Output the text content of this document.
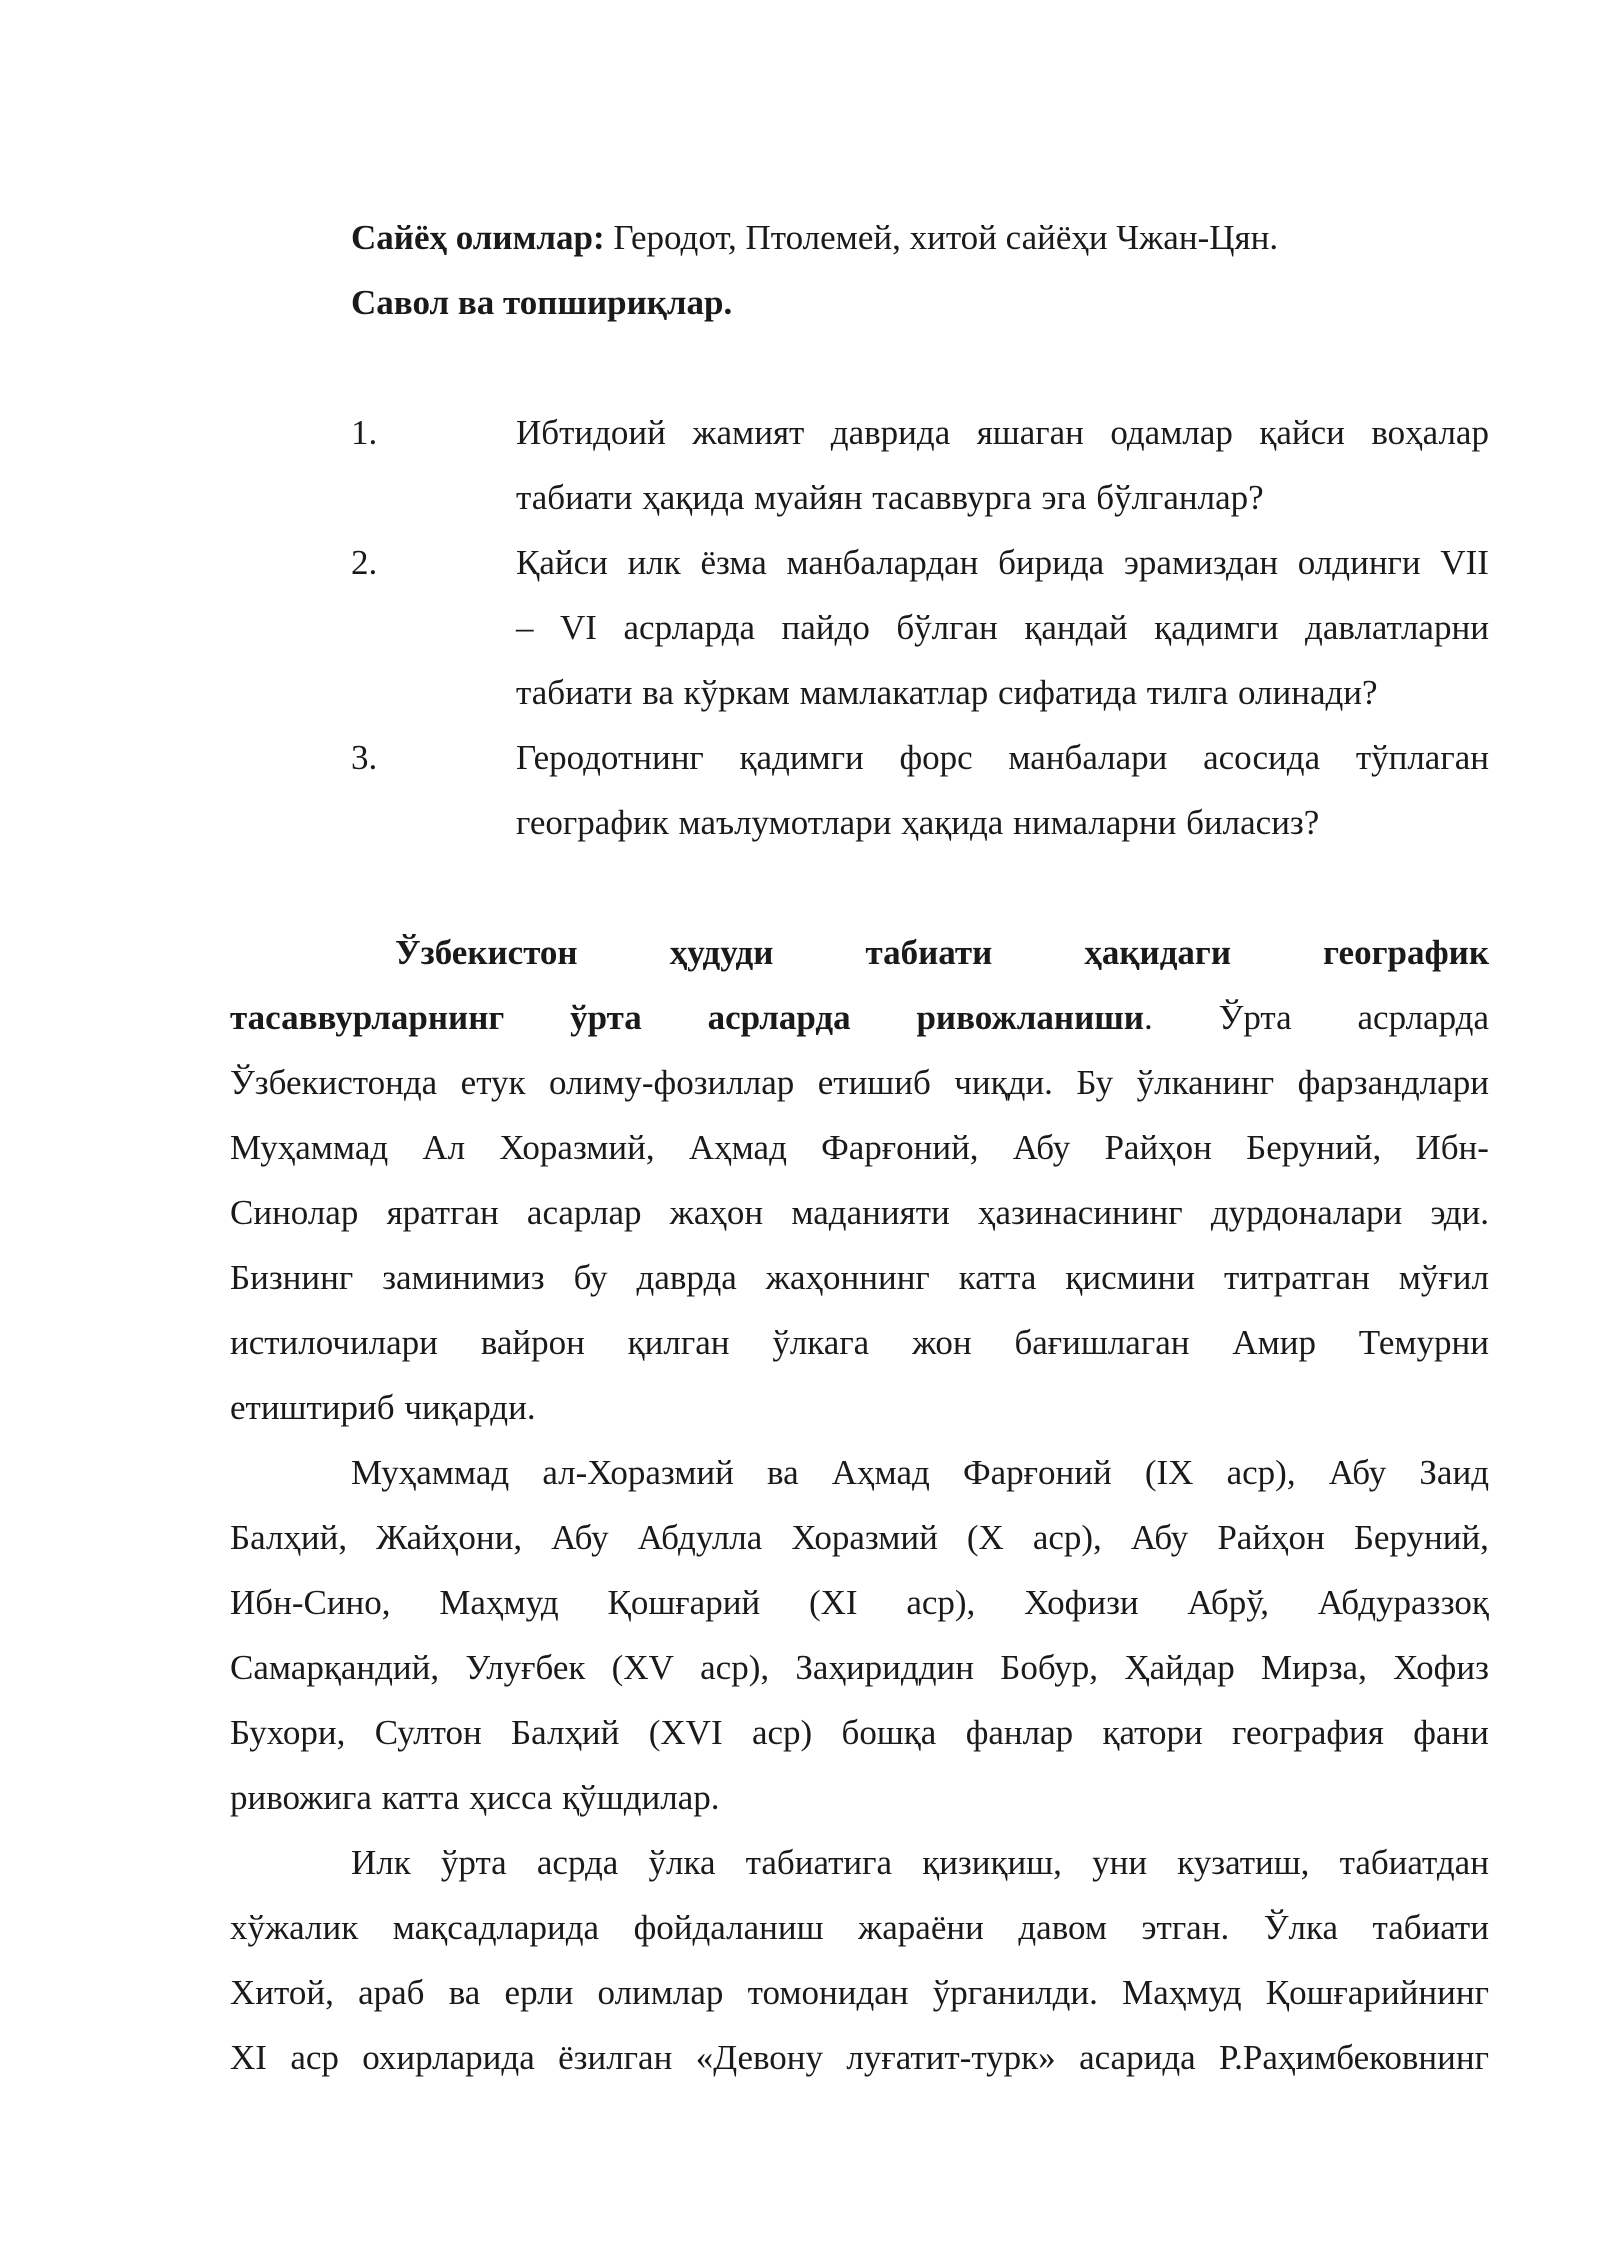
Сайёҳ олимлар: Геродот, Птолемей, хитой сайёҳи Чжан-Цян.
Савол ва топшириқлар.
1.	Ибтидоий жамият даврида яшаган одамлар қайси воҳалар
табиати ҳақида муайян тасаввурга эга бўлганлар?
2.	Қайси илк ёзма манбалардан бирида эрамиздан олдинги VII
– VI асрларда пайдо бўлган қандай қадимги давлатларни
табиати ва кўркам мамлакатлар сифатида тилга олинади?
3.	Геродотнинг қадимги форс манбалари асосида тўплаган
географик маълумотлари ҳақида нималарни биласиз?
Ўзбекистон	ҳудуди	табиати	ҳақидаги	географик
тасаввурларнинг ўрта асрларда ривожланиши. Ўрта асрларда
Ўзбекистонда етук олиму-фозиллар етишиб чиқди. Бу ўлканинг фарзандлари
Муҳаммад Ал Хоразмий, Аҳмад Фарғоний, Абу Райҳон Беруний, Ибн-
Синолар яратган асарлар жаҳон маданияти ҳазинасининг дурдоналари эди.
Бизнинг заминимиз бу даврда жаҳоннинг катта қисмини титратган мўғил
истилочилари вайрон қилган ўлкага жон бағишлаган Амир Темурни
етиштириб чиқарди.
Муҳаммад ал-Хоразмий ва Аҳмад Фарғоний (IX аср), Абу Заид
Балҳий, Жайҳони, Абу Абдулла Хоразмий (X аср), Абу Райҳон Беруний,
Ибн-Сино, Маҳмуд Қошғарий (XI аср), Хофизи Абрў, Абдураззоқ
Самарқандий, Улуғбек (XV аср), Заҳириддин Бобур, Ҳайдар Мирза, Хофиз
Бухори, Султон Балҳий (XVI аср) бошқа фанлар қатори география фани
ривожига катта ҳисса қўшдилар.
Илк ўрта асрда ўлка табиатига қизиқиш, уни кузатиш, табиатдан
хўжалик мақсадларида фойдаланиш жараёни давом этган. Ўлка табиати
Хитой, араб ва ерли олимлар томонидан ўрганилди. Маҳмуд Қошғарийнинг
XI аср охирларида ёзилган «Девону луғатит-турк» асарида Р.Раҳимбековнинг
